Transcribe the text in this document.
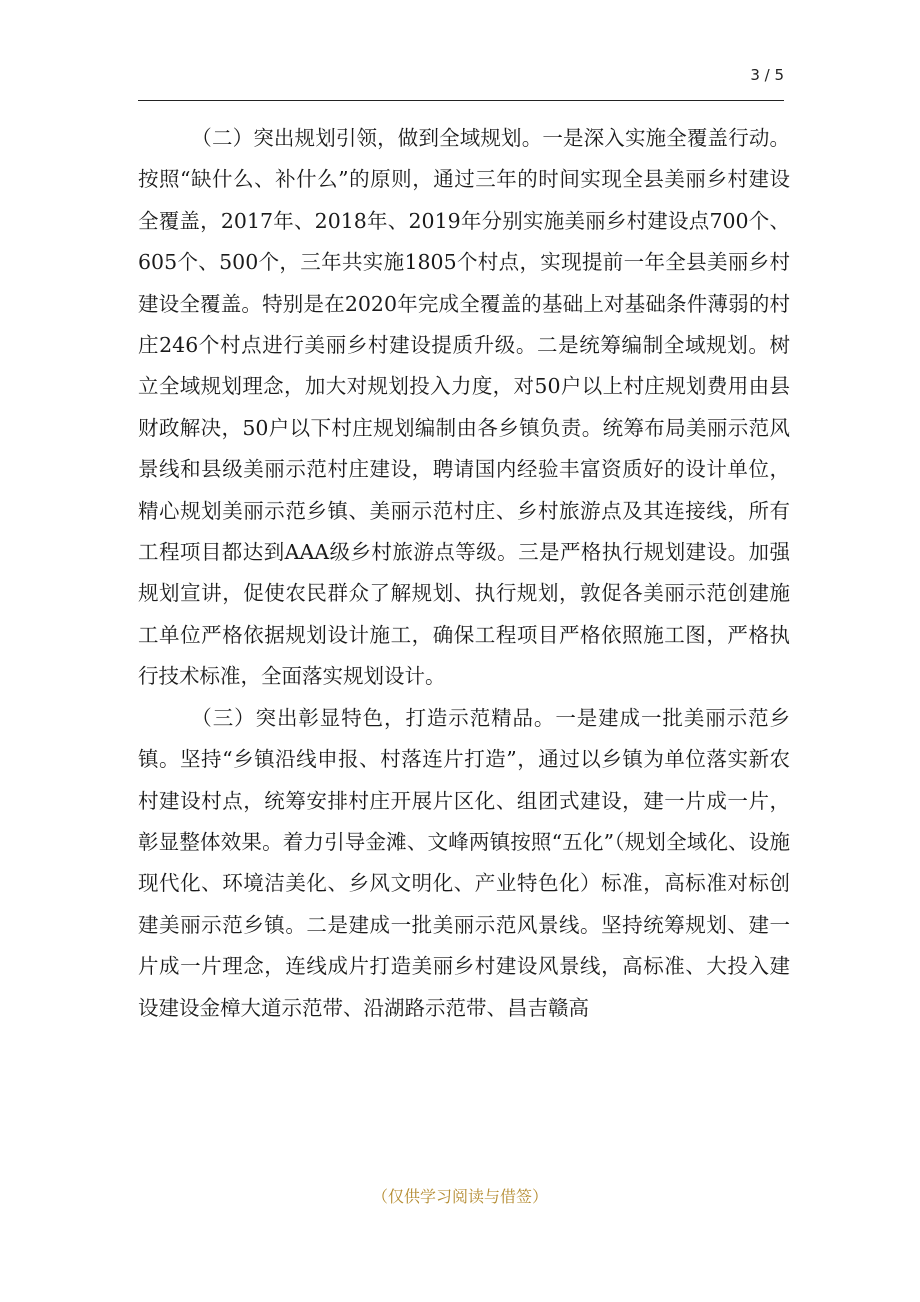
3 / 5

（二）突出规划引领，做到全域规划。一是深入实施全覆盖行动。按照“缺什么、补什么”的原则，通过三年的时间实现全县美丽乡村建设全覆盖，2017年、2018年、2019年分别实施美丽乡村建设点700个、605个、500个，三年共实施1805个村点，实现提前一年全县美丽乡村建设全覆盖。特别是在2020年完成全覆盖的基础上对基础条件薄弱的村庄246个村点进行美丽乡村建设提质升级。二是统筹编制全域规划。树立全域规划理念，加大对规划投入力度，对50户以上村庄规划费用由县财政解决，50户以下村庄规划编制由各乡镇负责。统筹布局美丽示范风景线和县级美丽示范村庄建设，聘请国内经验丰富资质好的设计单位，精心规划美丽示范乡镇、美丽示范村庄、乡村旅游点及其连接线，所有工程项目都达到AAA级乡村旅游点等级。三是严格执行规划建设。加强规划宣讲，促使农民群众了解规划、执行规划，敦促各美丽示范创建施工单位严格依据规划设计施工，确保工程项目严格依照施工图，严格执行技术标准，全面落实规划设计。

（三）突出彰显特色，打造示范精品。一是建成一批美丽示范乡镇。坚持“乡镇沿线申报、村落连片打造”，通过以乡镇为单位落实新农村建设村点，统筹安排村庄开展片区化、组团式建设，建一片成一片，彰显整体效果。着力引导金滩、文峰两镇按照“五化”（规划全域化、设施现代化、环境洁美化、乡风文明化、产业特色化）标准，高标准对标创建美丽示范乡镇。二是建成一批美丽示范风景线。坚持统筹规划、建一片成一片理念，连线成片打造美丽乡村建设风景线，高标准、大投入建设建设金樟大道示范带、沿湖路示范带、昌吉赣高

（仅供学习阅读与借签）
